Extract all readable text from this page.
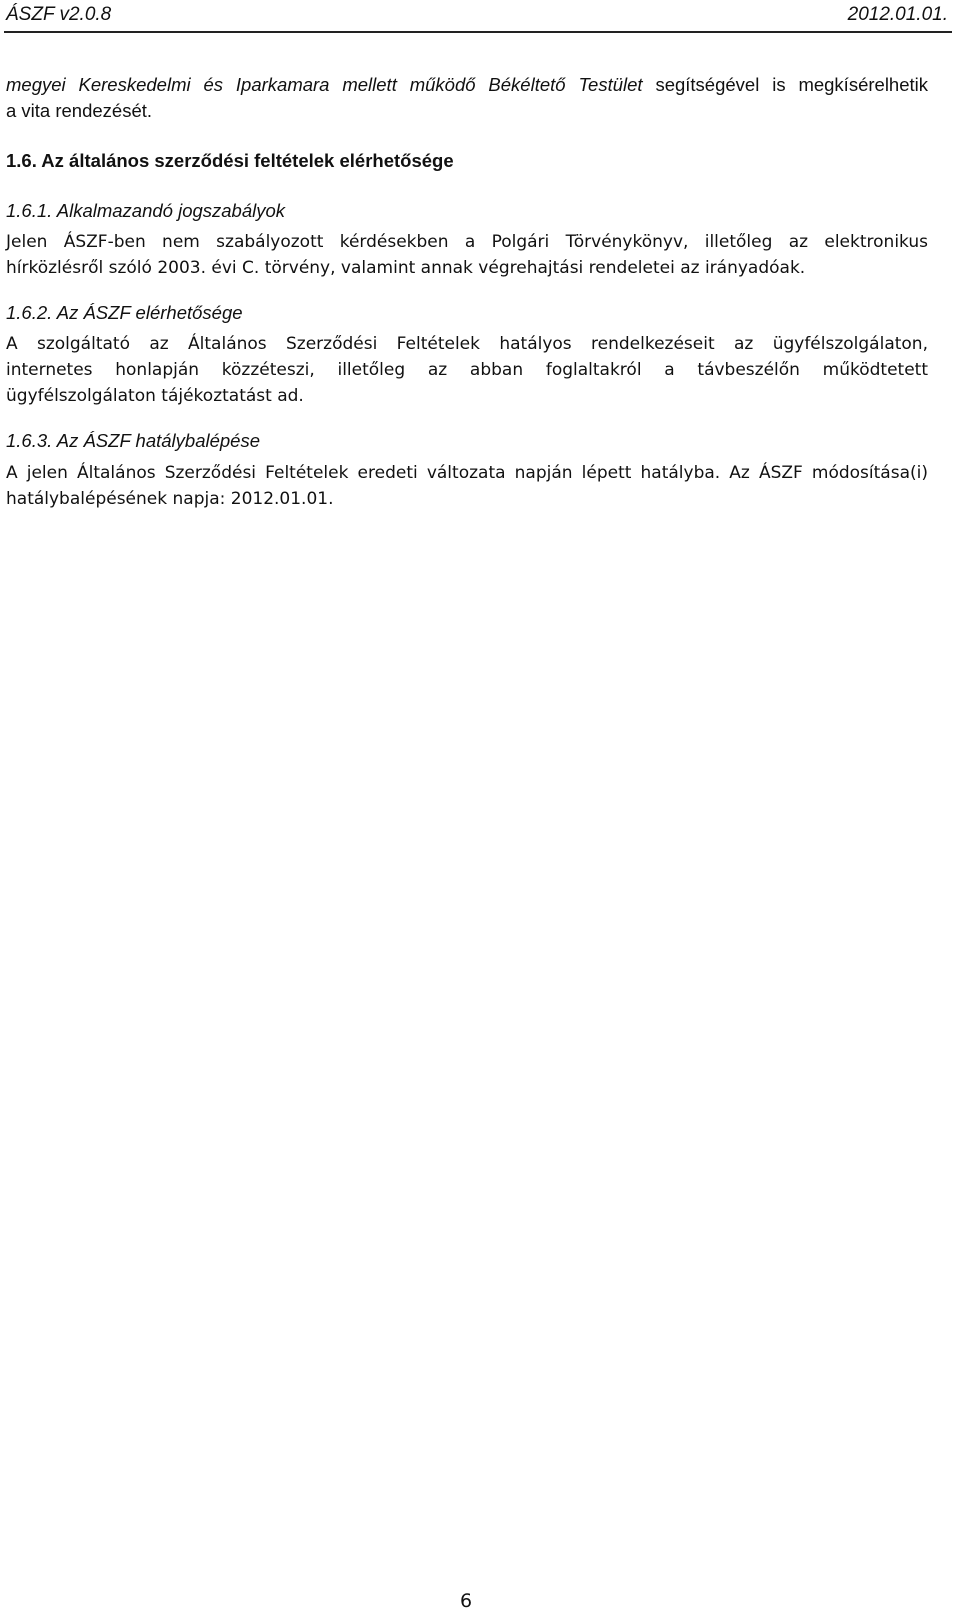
ÁSZF v2.0.8	2012.01.01.
megyei Kereskedelmi és Iparkamara mellett működő Békéltető Testület segítségével is megkísérelhetik
a vita rendezését.
1.6. Az általános szerződési feltételek elérhetősége
1.6.1. Alkalmazandó jogszabályok
Jelen ÁSZF-ben nem szabályozott kérdésekben a Polgári Törvénykönyv, illetőleg az elektronikus
hírközlésről szóló 2003. évi C. törvény, valamint annak végrehajtási rendeletei az irányadóak.
1.6.2. Az ÁSZF elérhetősége
A szolgáltató az Általános Szerződési Feltételek hatályos rendelkezéseit az ügyfélszolgálaton,
internetes honlapján közzéteszi, illetőleg az abban foglaltakról a távbeszélőn működtetett
ügyfélszolgálaton tájékoztatást ad.
1.6.3. Az ÁSZF hatálybalépése
A jelen Általános Szerződési Feltételek eredeti változata napján lépett hatályba. Az ÁSZF módosítása(i)
hatálybalépésének napja: 2012.01.01.
6
